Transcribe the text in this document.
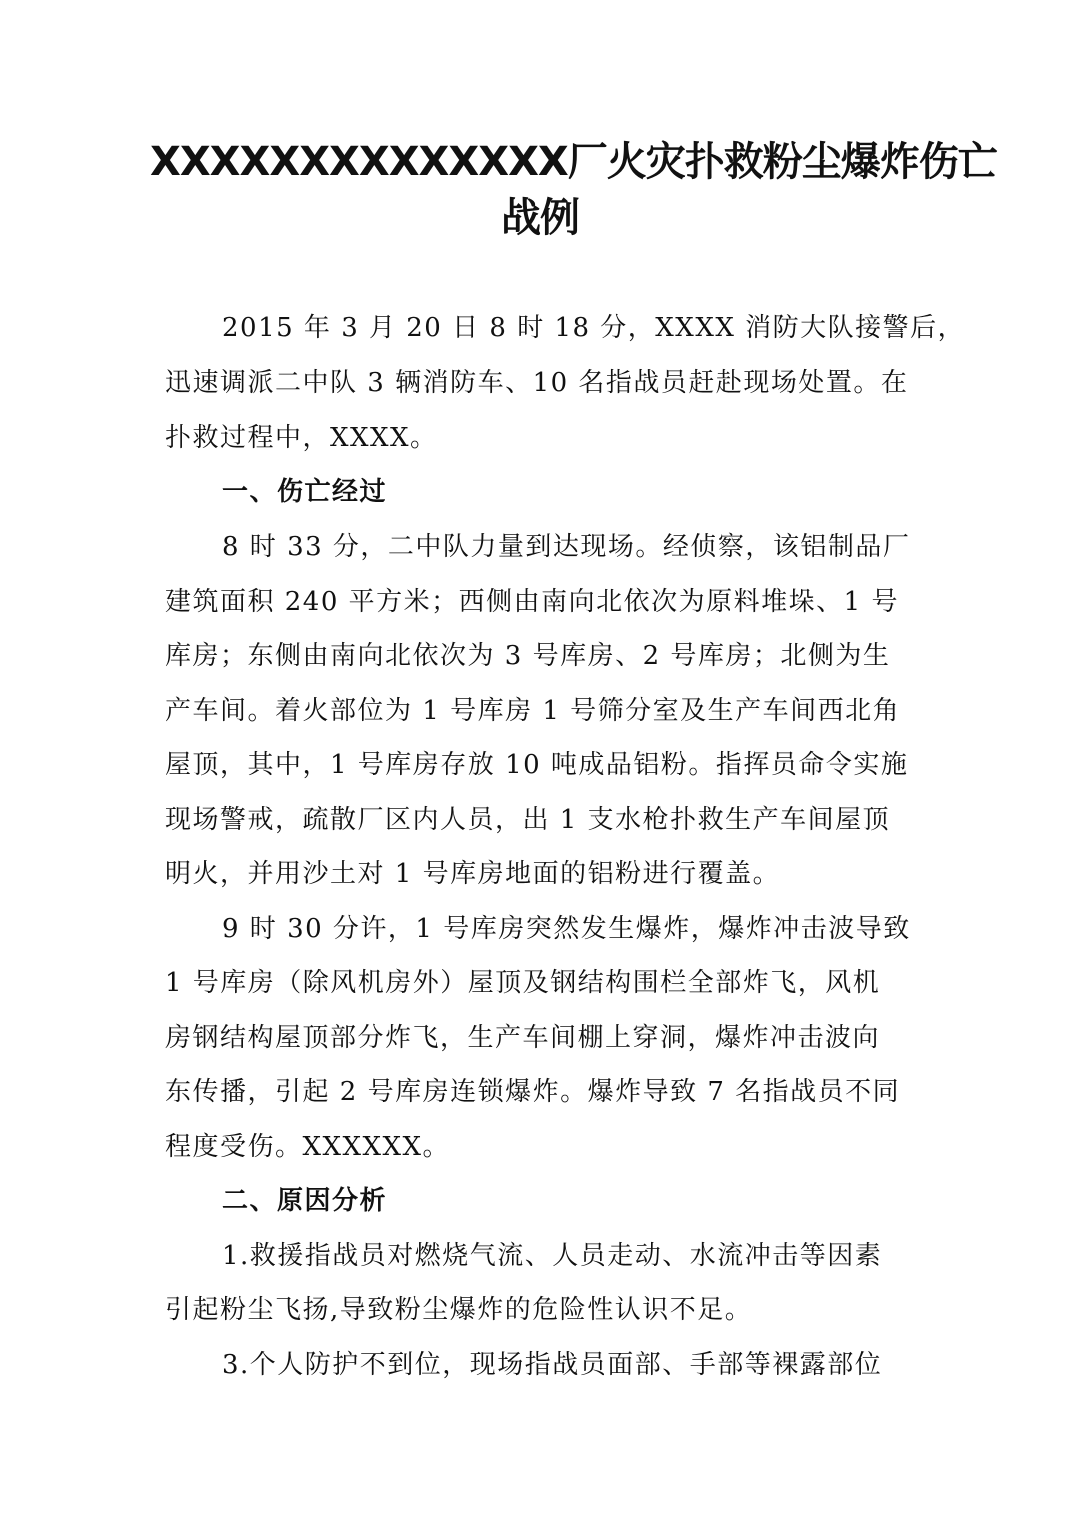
XXXXXXXXXXXXXX厂火灾扑救粉尘爆炸伤亡
战例
2015 年 3 月 20 日 8 时 18 分，XXXX 消防大队接警后，
迅速调派二中队 3 辆消防车、10 名指战员赶赴现场处置。在
扑救过程中，XXXX。
一、伤亡经过
8 时 33 分，二中队力量到达现场。经侦察，该铝制品厂
建筑面积 240 平方米；西侧由南向北依次为原料堆垛、1 号
库房；东侧由南向北依次为 3 号库房、2 号库房；北侧为生
产车间。着火部位为 1 号库房 1 号筛分室及生产车间西北角
屋顶，其中，1 号库房存放 10 吨成品铝粉。指挥员命令实施
现场警戒，疏散厂区内人员，出 1 支水枪扑救生产车间屋顶
明火，并用沙土对 1 号库房地面的铝粉进行覆盖。
9 时 30 分许，1 号库房突然发生爆炸，爆炸冲击波导致
1 号库房（除风机房外）屋顶及钢结构围栏全部炸飞，风机
房钢结构屋顶部分炸飞，生产车间棚上穿洞，爆炸冲击波向
东传播，引起 2 号库房连锁爆炸。爆炸导致 7 名指战员不同
程度受伤。XXXXXX。
二、原因分析
1.救援指战员对燃烧气流、人员走动、水流冲击等因素
引起粉尘飞扬,导致粉尘爆炸的危险性认识不足。
3.个人防护不到位，现场指战员面部、手部等裸露部位
